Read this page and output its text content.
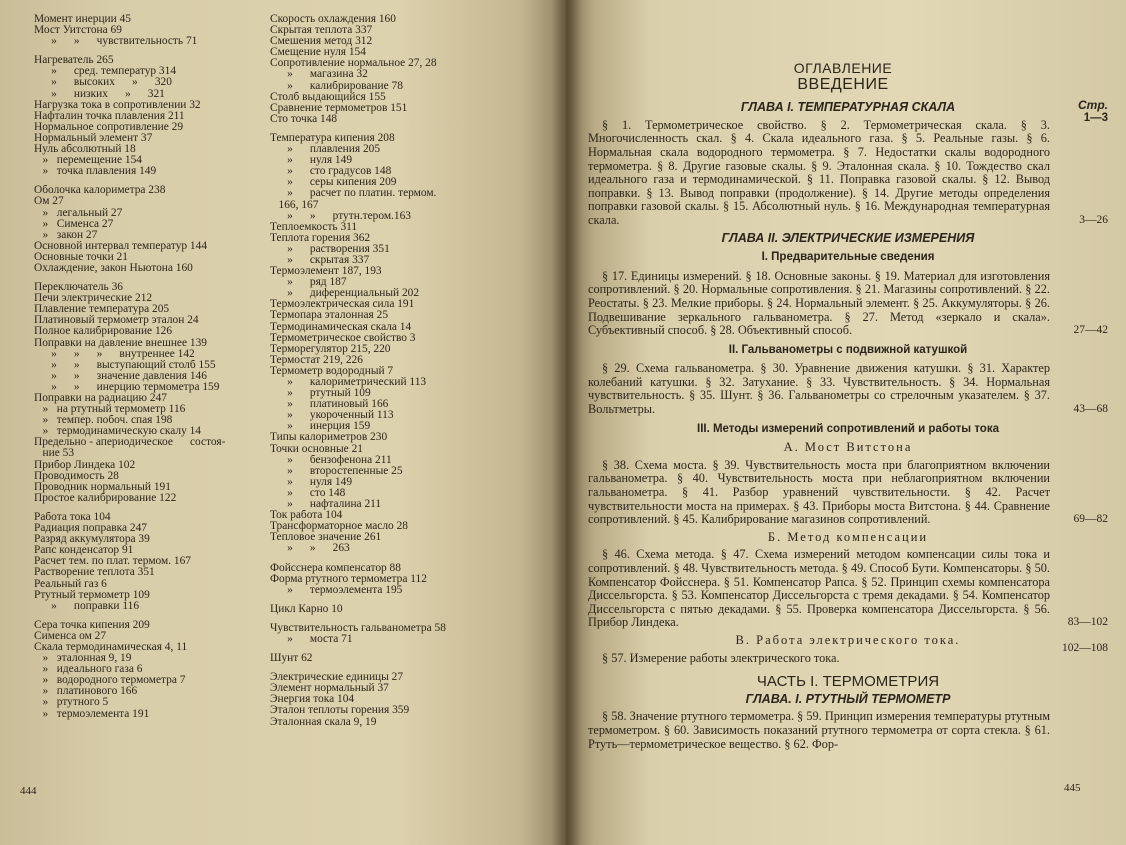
Момент инерции 45
Мост Уитстона 69
»      »      чувствительность 71
Нагреватель 265
»      сред. температур 314
»      высоких      »      320
»      низких      »      321
Нагрузка тока в сопротивлении 32
Нафталин точка плавления 211
Нормальное сопротивление 29
Нормальный элемент 37
Нуль абсолютный 18
»   перемещение 154
»   точка плавления 149
Оболочка калориметра 238
Ом 27
»   легальный 27
»   Сименса 27
»   закон 27
Основной интервал температур 144
Основные точки 21
Охлаждение, закон Ньютона 160
Переключатель 36
Печи электрические 212
Плавление температура 205
Платиновый термометр эталон 24
Полное калибрирование 126
Поправки на давление внешнее 139
»      »      »      внутреннее 142
»      »      выступающий столб 155
»      »      значение давления 146
»      »      инерцию термометра 159
Поправки на радиацию 247
»   на ртутный термометр 116
»   темпер. побоч. спая 198
»   термодинамическую скалу 14
Предельно - апериодическое      состоя-
ние 53
Прибор Линдека 102
Проводимость 28
Проводник нормальный 191
Простое калибрирование 122
Работа тока 104
Радиация поправка 247
Разряд аккумулятора 39
Рапс конденсатор 91
Расчет тем. по плат. термом. 167
Растворение теплота 351
Реальный газ 6
Ртутный термометр 109
»      поправки 116
Сера точка кипения 209
Сименса ом 27
Скала термодинамическая 4, 11
»   эталонная 9, 19
»   идеального газа 6
»   водородного термометра 7
»   платинового 166
»   ртутного 5
»   термоэлемента 191
Скорость охлаждения 160
Скрытая теплота 337
Смешения метод 312
Смещение нуля 154
Сопротивление нормальное 27, 28
»      магазина 32
»      калибрирование 78
Столб выдающийся 155
Сравнение термометров 151
Сто точка 148
Температура кипения 208
»      плавления 205
»      нуля 149
»      сто градусов 148
»      серы кипения 209
»      расчет по платин. термом.
166, 167
»      »      ртутн.тером.163
Теплоемкость 311
Теплота горения 362
»      растворения 351
»      скрытая 337
Термоэлемент 187, 193
»      ряд 187
»      диференциальный 202
Термоэлектрическая сила 191
Термопара эталонная 25
Термодинамическая скала 14
Термометрическое свойство 3
Терморегулятор 215, 220
Термостат 219, 226
Термометр водородный 7
»      калориметрический 113
»      ртутный 109
»      платиновый 166
»      укороченный 113
»      инерция 159
Типы калориметров 230
Точки основные 21
»      бензофенона 211
»      второстепенные 25
»      нуля 149
»      сто 148
»      нафталина 211
Ток работа 104
Трансформаторное масло 28
Тепловое значение 261
»      »      263
Фойсснера компенсатор 88
Форма ртутного термометра 112
»      термоэлемента 195
Цикл Карно 10
Чувствительность гальванометра 58
»      моста 71
Шунт 62
Электрические единицы 27
Элемент нормальный 37
Энергия тока 104
Эталон теплоты горения 359
Эталонная скала 9, 19
444
ОГЛАВЛЕНИЕ
ВВЕДЕНИЕ
ГЛАВА I. ТЕМПЕРАТУРНАЯ СКАЛА	Стр.
1—3
§ 1. Термометрическое свойство. § 2. Термометрическая скала. § 3. Многочисленность скал. § 4. Скала идеального газа. § 5. Реальные газы. § 6. Нормальная скала водородного термометра. § 7. Недостатки скалы водородного термометра. § 8. Другие газовые скалы. § 9. Эталонная скала. § 10. Тождество скал идеального газа и термодинамической. § 11. Поправка газовой скалы. § 12. Вывод поправки. § 13. Вывод поправки (продолжение). § 14. Другие методы определения поправки газовой скалы. § 15. Абсолютный нуль. § 16. Международная температурная скала.	3—26
ГЛАВА II. ЭЛЕКТРИЧЕСКИЕ ИЗМЕРЕНИЯ
I. Предварительные сведения
§ 17. Единицы измерений. § 18. Основные законы. § 19. Материал для изготовления сопротивлений. § 20. Нормальные сопротивления. § 21. Магазины сопротивлений. § 22. Реостаты. § 23. Мелкие приборы. § 24. Нормальный элемент. § 25. Аккумуляторы. § 26. Подвешивание зеркального гальванометра. § 27. Метод «зеркало и скала». Субъективный способ. § 28. Объективный способ.	27—42
II. Гальванометры с подвижной катушкой
§ 29. Схема гальванометра. § 30. Уравнение движения катушки. § 31. Характер колебаний катушки. § 32. Затухание. § 33. Чувствительность. § 34. Нормальная чувствительность. § 35. Шунт. § 36. Гальванометры со стрелочным указателем. § 37. Вольтметры.	43—68
III. Методы измерений сопротивлений и работы тока
А. Мост Витстона
§ 38. Схема моста. § 39. Чувствительность моста при благоприятном включении гальванометра. § 40. Чувствительность моста при неблагоприятном включении гальванометра. § 41. Разбор уравнений чувствительности. § 42. Расчет чувствительности моста на примерах. § 43. Приборы моста Витстона. § 44. Сравнение сопротивлений. § 45. Калибрирование магазинов сопротивлений.	69—82
Б. Метод компенсации
§ 46. Схема метода. § 47. Схема измерений методом компенсации силы тока и сопротивлений. § 48. Чувствительность метода. § 49. Способ Бути. Компенсаторы. § 50. Компенсатор Фойсснера. § 51. Компенсатор Рапса. § 52. Принцип схемы компенсатора Диссельгорста. § 53. Компенсатор Диссельгорста с тремя декадами. § 54. Компенсатор Диссельгорста с пятью декадами. § 55. Проверка компенсатора Диссельгорста. § 56. Прибор Линдека.	83—102
В. Работа электрического тока.
102—108
§ 57. Измерение работы электрического тока.
ЧАСТЬ I. ТЕРМОМЕТРИЯ
ГЛАВА. I. РТУТНЫЙ ТЕРМОМЕТР
§ 58. Значение ртутного термометра. § 59. Принцип измерения температуры ртутным термометром. § 60. Зависимость показаний ртутного термометра от сорта стекла. § 61. Ртуть—термометрическое вещество. § 62. Фор-
445
